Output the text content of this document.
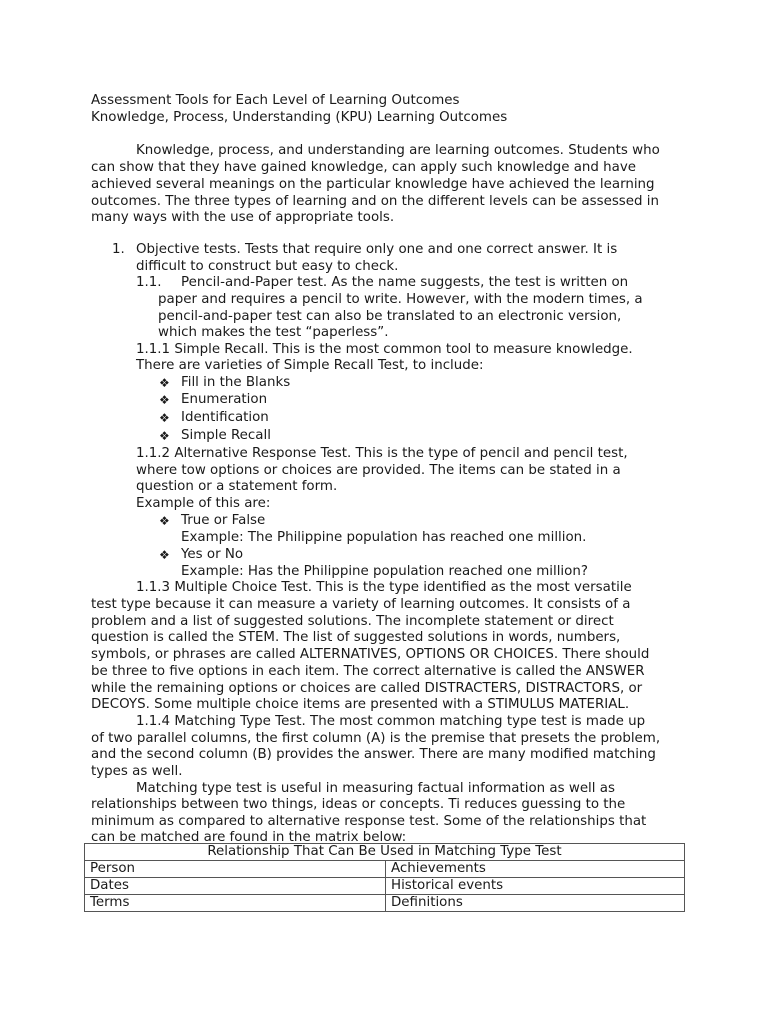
Assessment Tools for Each Level of Learning Outcomes
Knowledge, Process, Understanding (KPU) Learning Outcomes
Knowledge, process, and understanding are learning outcomes. Students who
can show that they have gained knowledge, can apply such knowledge and have
achieved several meanings on the particular knowledge have achieved the learning
outcomes. The three types of learning and on the different levels can be assessed in
many ways with the use of appropriate tools.
1. Objective tests. Tests that require only one and one correct answer. It is
difficult to construct but easy to check.
1.1. Pencil-and-Paper test. As the name suggests, the test is written on
paper and requires a pencil to write. However, with the modern times, a
pencil-and-paper test can also be translated to an electronic version,
which makes the test “paperless”.
1.1.1 Simple Recall. This is the most common tool to measure knowledge.
There are varieties of Simple Recall Test, to include:
❖ Fill in the Blanks
❖ Enumeration
❖ Identification
❖ Simple Recall
1.1.2 Alternative Response Test. This is the type of pencil and pencil test,
where tow options or choices are provided. The items can be stated in a
question or a statement form.
Example of this are:
❖ True or False
Example: The Philippine population has reached one million.
❖ Yes or No
Example: Has the Philippine population reached one million?
1.1.3 Multiple Choice Test. This is the type identified as the most versatile
test type because it can measure a variety of learning outcomes. It consists of a
problem and a list of suggested solutions. The incomplete statement or direct
question is called the STEM. The list of suggested solutions in words, numbers,
symbols, or phrases are called ALTERNATIVES, OPTIONS OR CHOICES. There should
be three to five options in each item. The correct alternative is called the ANSWER
while the remaining options or choices are called DISTRACTERS, DISTRACTORS, or
DECOYS. Some multiple choice items are presented with a STIMULUS MATERIAL.
1.1.4 Matching Type Test. The most common matching type test is made up
of two parallel columns, the first column (A) is the premise that presets the problem,
and the second column (B) provides the answer. There are many modified matching
types as well.
Matching type test is useful in measuring factual information as well as
relationships between two things, ideas or concepts. Ti reduces guessing to the
minimum as compared to alternative response test. Some of the relationships that
can be matched are found in the matrix below:
Relationship That Can Be Used in Matching Type Test	
Person	Achievements
Dates	Historical events
Terms	Definitions
